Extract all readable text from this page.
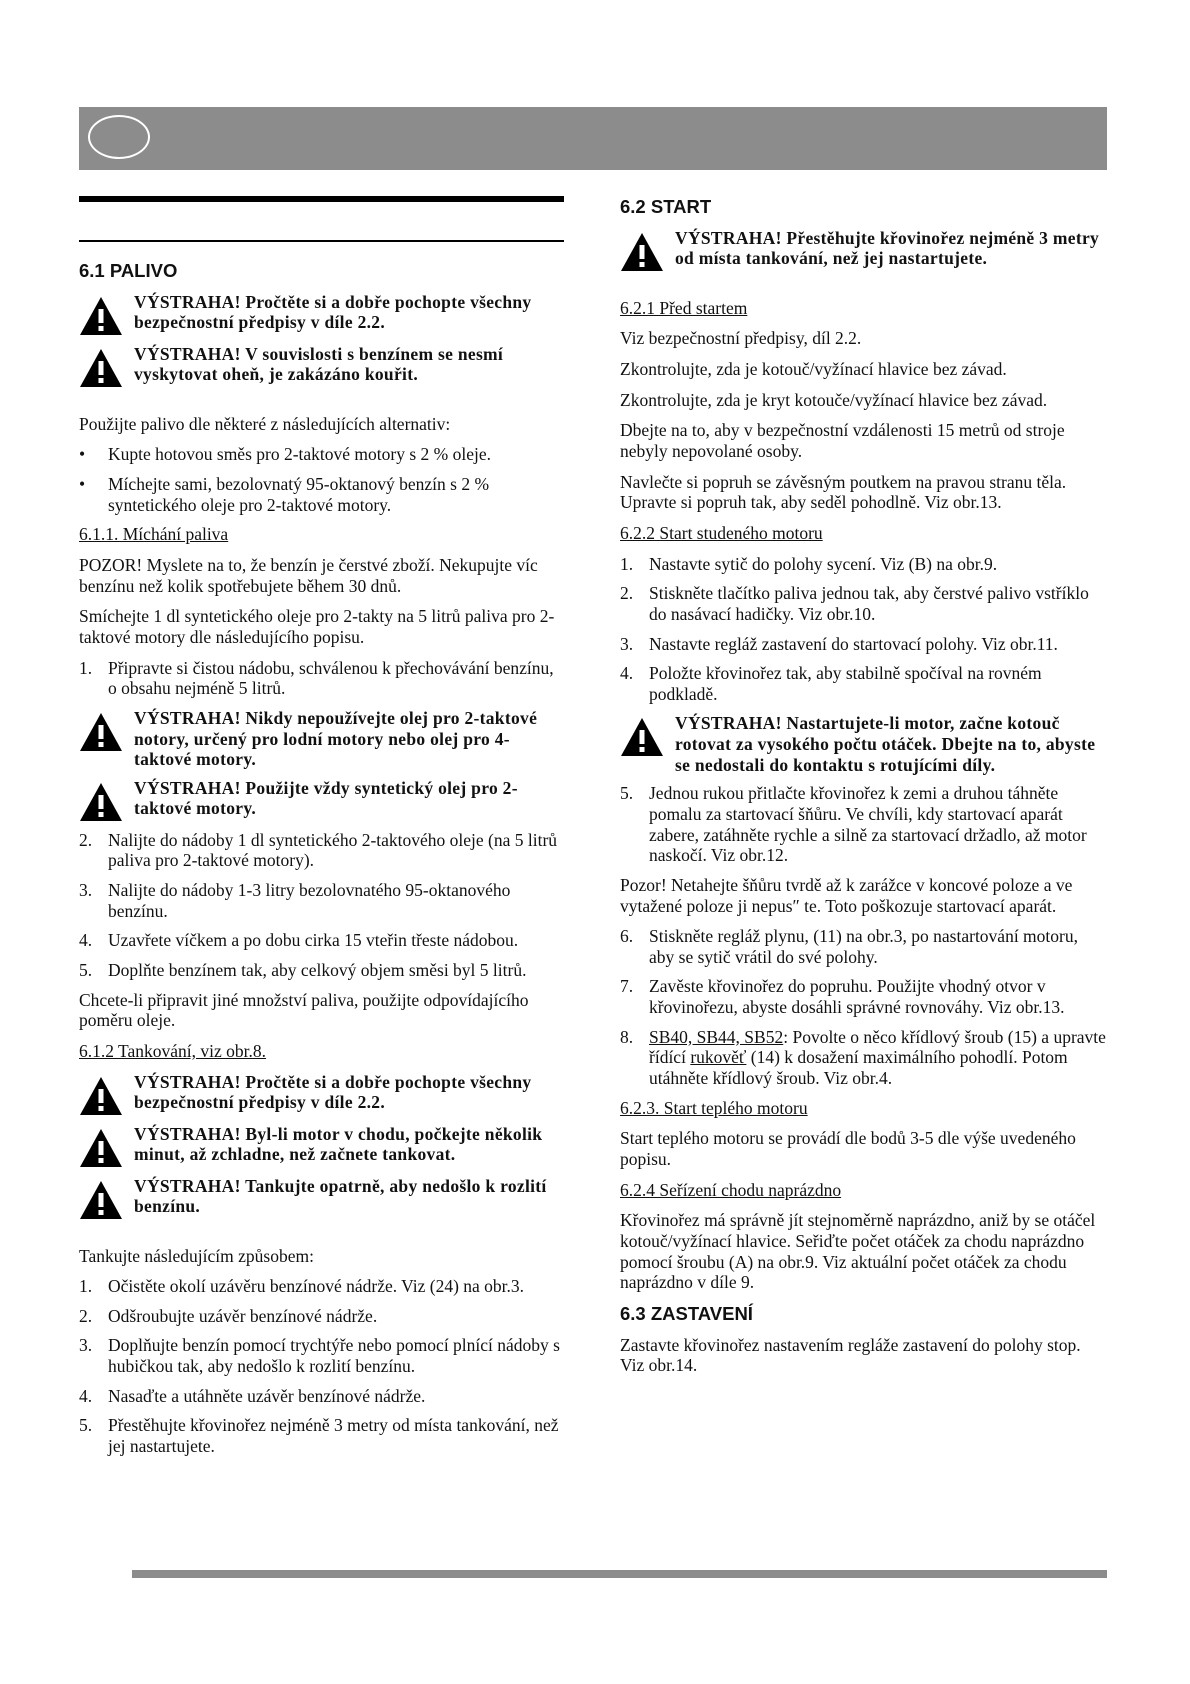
6.1 PALIVO
VÝSTRAHA! Pročtěte si a dobře pochopte všechny bezpečnostní předpisy v díle 2.2.
VÝSTRAHA! V souvislosti s benzínem se nesmí vyskytovat oheň, je zakázáno kouřit.

Použijte palivo dle některé z následujících alternativ:

• Kupte hotovou směs pro 2-taktové motory s 2 % oleje.
• Míchejte sami, bezolovnatý 95-oktanový benzín s 2 % syntetického oleje pro 2-taktové motory.
6.1.1. Míchání paliva

POZOR! Myslete na to, že benzín je čerstvé zboží. Nekupujte víc benzínu než kolik spotřebujete během 30 dnů.

Smíchejte 1 dl syntetického oleje pro 2-takty na 5 litrů paliva pro 2-taktové motory dle následujícího popisu.

1. Připravte si čistou nádobu, schválenou k přechovávání benzínu, o obsahu nejméně 5 litrů.
VÝSTRAHA! Nikdy nepoužívejte olej pro 2-taktové notory, určený pro lodní motory nebo olej pro 4-taktové motory.
VÝSTRAHA! Použijte vždy syntetický olej pro 2-taktové motory.
2. Nalijte do nádoby 1 dl syntetického 2-taktového oleje (na 5 litrů paliva pro 2-taktové motory).
3. Nalijte do nádoby 1-3 litry bezolovnatého 95-oktanového benzínu.
4. Uzavřete víčkem a po dobu cirka 15 vteřin třeste nádobou.
5. Doplňte benzínem tak, aby celkový objem směsi byl 5 litrů.

Chcete-li připravit jiné množství paliva, použijte odpovídajícího poměru oleje.

6.1.2 Tankování, viz obr.8.
VÝSTRAHA! Pročtěte si a dobře pochopte všechny bezpečnostní předpisy v díle 2.2.
VÝSTRAHA! Byl-li motor v chodu, počkejte několik minut, až zchladne, než začnete tankovat.
VÝSTRAHA! Tankujte opatrně, aby nedošlo k rozlití benzínu.

Tankujte následujícím způsobem:

1. Očistěte okolí uzávěru benzínové nádrže. Viz (24) na obr.3.
2. Odšroubujte uzávěr benzínové nádrže.
3. Doplňujte benzín pomocí trychtýře nebo pomocí plnící nádoby s hubičkou tak, aby nedošlo k rozlití benzínu.
4. Nasaďte a utáhněte uzávěr benzínové nádrže.
5. Přestěhujte křovinořez nejméně 3 metry od místa tankování, než jej nastartujete.
6.2 START
VÝSTRAHA! Přestěhujte křovinořez nejméně 3 metry od místa tankování, než jej nastartujete.
6.2.1 Před startem

Viz bezpečnostní předpisy, díl 2.2.

Zkontrolujte, zda je kotouč/vyžínací hlavice bez závad.

Zkontrolujte, zda je kryt kotouče/vyžínací hlavice bez závad.

Dbejte na to, aby v bezpečnostní vzdálenosti 15 metrů od stroje nebyly nepovolané osoby.

Navlečte si popruh se závěsným poutkem na pravou stranu těla. Upravte si popruh tak, aby seděl pohodlně. Viz obr.13.

6.2.2 Start studeného motoru
1. Nastavte sytič do polohy sycení. Viz (B) na obr.9.
2. Stiskněte tlačítko paliva jednou tak, aby čerstvé palivo vstříklo do nasávací hadičky. Viz obr.10.
3. Nastavte regláž zastavení do startovací polohy. Viz obr.11.
4. Položte křovinořez tak, aby stabilně spočíval na rovném podkladě.
VÝSTRAHA! Nastartujete-li motor, začne kotouč rotovat za vysokého počtu otáček. Dbejte na to, abyste se nedostali do kontaktu s rotujícími díly.
5. Jednou rukou přitlačte křovinořez k zemi a druhou táhněte pomalu za startovací šňůru. Ve chvíli, kdy startovací aparát zabere, zatáhněte rychle a silně za startovací držadlo, až motor naskočí. Viz obr.12.

Pozor! Netahejte šňůru tvrdě až k zarážce v koncové poloze a ve vytažené poloze ji nepus″ te. Toto poškozuje startovací aparát.

6. Stiskněte regláž plynu, (11) na obr.3, po nastartování motoru, aby se sytič vrátil do své polohy.
7. Zavěste křovinořez do popruhu. Použijte vhodný otvor v křovinořezu, abyste dosáhli správné rovnováhy. Viz obr.13.
8. SB40, SB44, SB52: Povolte o něco křídlový šroub (15) a upravte řídící rukověť (14) k dosažení maximálního pohodlí. Potom utáhněte křídlový šroub. Viz obr.4.
6.2.3. Start teplého motoru

Start teplého motoru se provádí dle bodů 3-5 dle výše uvedeného popisu.

6.2.4 Seřízení chodu naprázdno

Křovinořez má správně jít stejnoměrně naprázdno, aniž by se otáčel kotouč/vyžínací hlavice. Seřiďte počet otáček za chodu naprázdno pomocí šroubu (A) na obr.9. Viz aktuální počet otáček za chodu naprázdno v díle 9.

6.3 ZASTAVENÍ

Zastavte křovinořez nastavením regláže zastavení do polohy stop. Viz obr.14.
